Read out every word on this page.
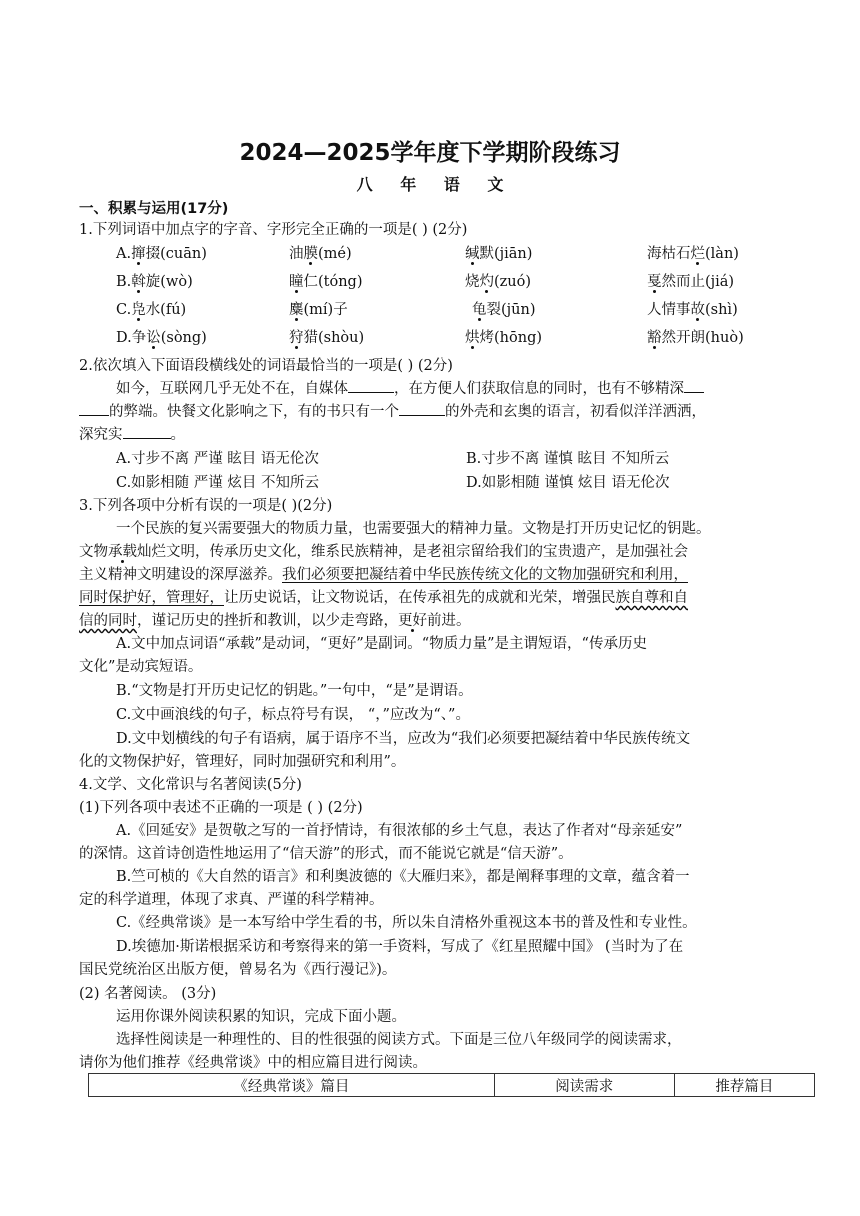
2024—2025学年度下学期阶段练习
八 年 语 文
一、积累与运用(17分)
1.下列词语中加点字的字音、字形完全正确的一项是( ) (2分)
A.撺掇(cuān)	油膜(mé)	缄默(jiān)	海枯石烂(làn)
B.斡旋(wò)	瞳仁(tóng)	烧灼(zuó)	戛然而止(jiá)
C.凫水(fú)	麋(mí)子	龟裂(jūn)	人情事故(shì)
D.争讼(sòng)	狩猎(shòu)	烘烤(hōng)	豁然开朗(huò)
2.依次填入下面语段横线处的词语最恰当的一项是( ) (2分)
如今，互联网几乎无处不在，自媒体	，在方便人们获取信息的同时，也有不够精深
的弊端。快餐文化影响之下，有的书只有一个	的外壳和玄奥的语言，初看似洋洋洒洒，
深究实	。
A.寸步不离 严谨 眩目 语无伦次	B.寸步不离 谨慎 眩目 不知所云
C.如影相随 严谨 炫目 不知所云	D.如影相随 谨慎 炫目 语无伦次
3.下列各项中分析有误的一项是( )(2分)
一个民族的复兴需要强大的物质力量，也需要强大的精神力量。文物是打开历史记忆的钥匙。
文物承载灿烂文明，传承历史文化，维系民族精神，是老祖宗留给我们的宝贵遗产，是加强社会
主义精神文明建设的深厚滋养。我们必须要把凝结着中华民族传统文化的文物加强研究和利用，
同时保护好，管理好，让历史说话，让文物说话，在传承祖先的成就和光荣，增强民族自尊和自
信的同时，谨记历史的挫折和教训，以少走弯路，更好前进。
A.文中加点词语“承载”是动词，“更好”是副词。“物质力量”是主谓短语，“传承历史
文化”是动宾短语。
B.“文物是打开历史记忆的钥匙。”一句中，“是”是谓语。
C.文中画浪线的句子，标点符号有误， “，”应改为“、”。
D.文中划横线的句子有语病，属于语序不当，应改为“我们必须要把凝结着中华民族传统文
化的文物保护好，管理好，同时加强研究和利用”。
4.文学、文化常识与名著阅读(5分)
(1)下列各项中表述不正确的一项是 ( ) (2分)
A.《回延安》是贺敬之写的一首抒情诗，有很浓郁的乡土气息，表达了作者对“母亲延安”
的深情。这首诗创造性地运用了“信天游”的形式，而不能说它就是“信天游”。
B.竺可桢的《大自然的语言》和利奥波德的《大雁归来》，都是阐释事理的文章，蕴含着一
定的科学道理，体现了求真、严谨的科学精神。
C.《经典常谈》是一本写给中学生看的书，所以朱自清格外重视这本书的普及性和专业性。
D.埃德加·斯诺根据采访和考察得来的第一手资料，写成了《红星照耀中国》 (当时为了在
国民党统治区出版方便，曾易名为《西行漫记》)。
(2) 名著阅读。 (3分)
运用你课外阅读积累的知识，完成下面小题。
选择性阅读是一种理性的、目的性很强的阅读方式。下面是三位八年级同学的阅读需求，
请你为他们推荐《经典常谈》中的相应篇目进行阅读。
《经典常谈》篇目	阅读需求	推荐篇目
